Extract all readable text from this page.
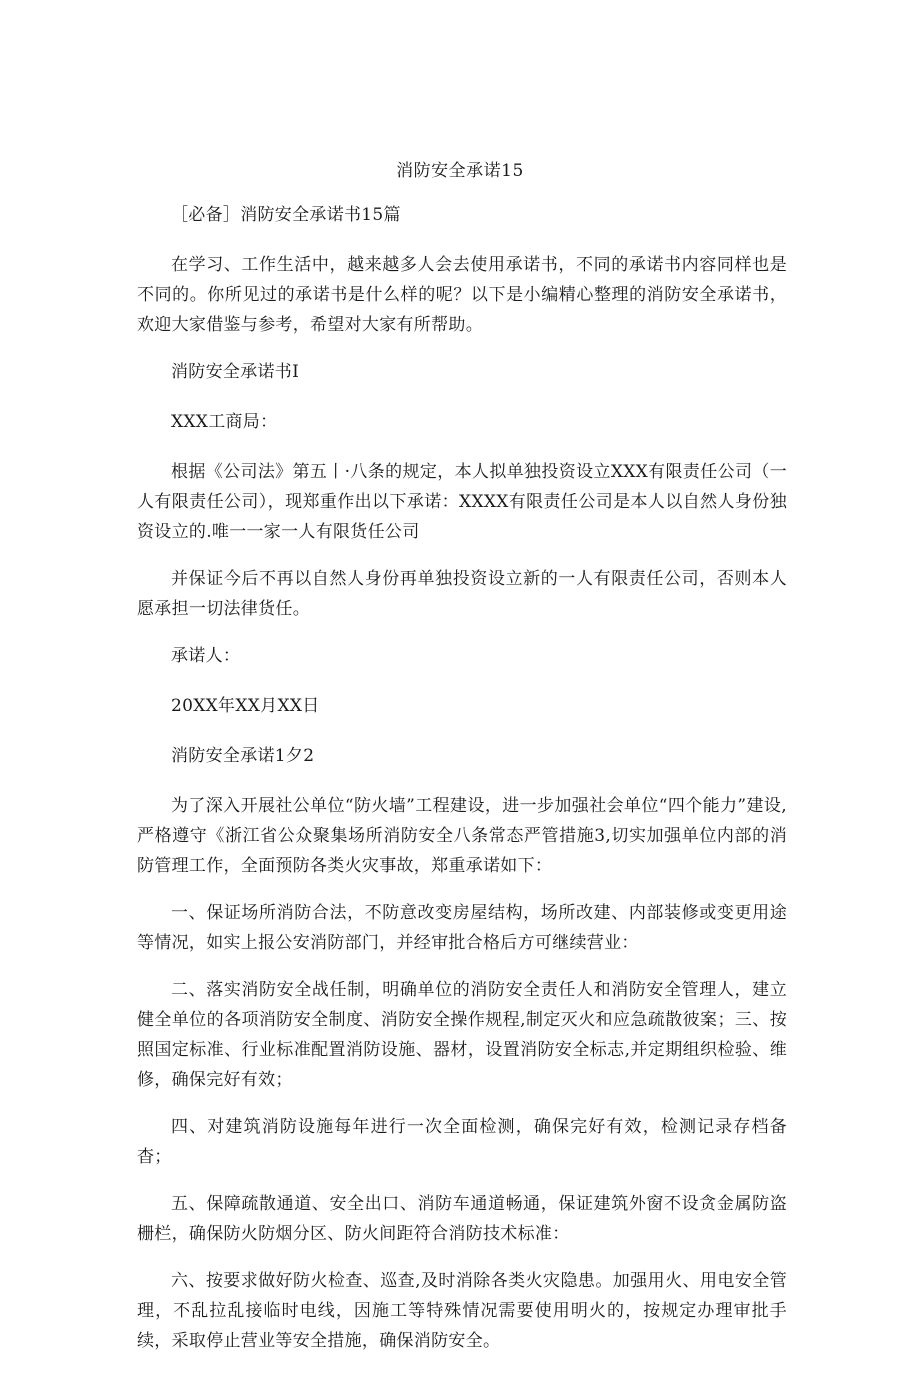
消防安全承诺15

［必备］消防安全承诺书15篇

在学习、工作生活中，越来越多人会去使用承诺书，不同的承诺书内容同样也是不同的。你所见过的承诺书是什么样的呢？以下是小编精心整理的消防安全承诺书，欢迎大家借鉴与参考，希望对大家有所帮助。

消防安全承诺书I

XXX工商局：

根据《公司法》第五丨·八条的规定，本人拟单独投资设立XXX有限责任公司（一人有限责任公司），现郑重作出以下承诺：XXXX有限责任公司是本人以自然人身份独资设立的.唯一一家一人有限货任公司

并保证今后不再以自然人身份再单独投资设立新的一人有限责任公司，否则本人愿承担一切法律货任。

承诺人：

20XX年XX月XX日

消防安全承诺1夕2

为了深入开展社公单位“防火墙”工程建设，进一步加强社会单位“四个能力”建设,严格遵守《浙江省公众聚集场所消防安全八条常态严管措施3,切实加强单位内部的消防管理工作，全面预防各类火灾事故，郑重承诺如下：

一、保证场所消防合法，不防意改变房屋结构，场所改建、内部装修或变更用途等情况，如实上报公安消防部门，并经审批合格后方可继续营业：

二、落实消防安全战任制，明确单位的消防安全责任人和消防安全管理人，建立健全单位的各项消防安全制度、消防安全操作规程,制定灭火和应急疏散彼案；三、按照国定标准、行业标准配置消防设施、器材，设置消防安全标志,并定期组织检验、维修，确保完好有效；

四、对建筑消防设施每年进行一次全面检测，确保完好有效，检测记录存档备杳；

五、保障疏散通道、安全出口、消防车通道畅通，保证建筑外窗不设贪金属防盗栅栏，确保防火防烟分区、防火间距符合消防技术标准：

六、按要求做好防火检查、巡查,及时消除各类火灾隐患。加强用火、用电安全管理，不乱拉乱接临时电线，因施工等特殊情况需要使用明火的，按规定办理审批手续，采取停止营业等安全措施，确保消防安全。
